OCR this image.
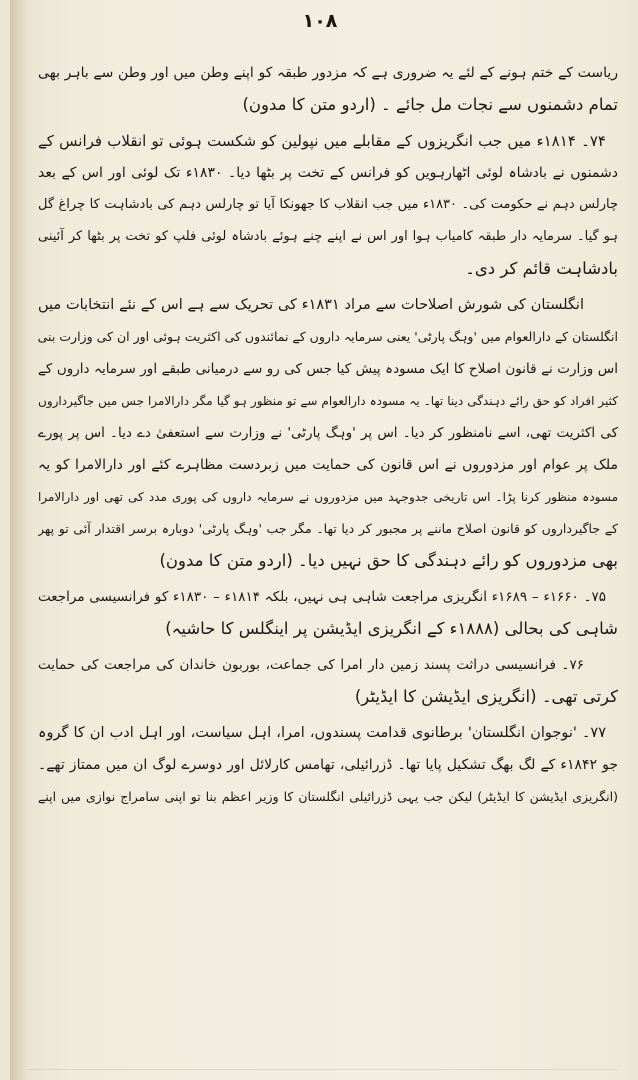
۱۰۸
ریاست کے ختم ہونے کے لئے یہ ضروری ہے کہ مزدور طبقہ کو اپنے وطن میں اور وطن سے باہر بھی
تمام دشمنوں سے نجات مل جائے ۔ (اردو متن کا مدون)
۷۴۔ ۱۸۱۴ء میں جب انگریزوں کے مقابلے میں نپولین کو شکست ہوئی تو انقلاب فرانس کے
دشمنوں نے بادشاہ لوئی اٹھارہویں کو فرانس کے تخت پر بٹھا دیا۔ ۱۸۳۰ء تک لوئی اور اس کے بعد
چارلس دہم نے حکومت کی۔ ۱۸۳۰ء میں جب انقلاب کا جھونکا آیا تو چارلس دہم کی بادشاہت کا چراغ گل
ہو گیا۔ سرمایہ دار طبقہ کامیاب ہوا اور اس نے اپنے چنے ہوئے بادشاہ لوئی فلپ کو تخت پر بٹھا کر آئینی
بادشاہت قائم کر دی۔
انگلستان کی شورش اصلاحات سے مراد ۱۸۳۱ء کی تحریک سے ہے اس کے نئے انتخابات میں
انگلستان کے دارالعوام میں 'وہگ پارٹی' یعنی سرمایہ داروں کے نمائندوں کی اکثریت ہوئی اور ان کی وزارت بنی
اس وزارت نے قانون اصلاح کا ایک مسودہ پیش کیا جس کی رو سے درمیانی طبقے اور سرمایہ داروں کے
کثیر افراد کو حق رائے دہندگی دینا تھا۔ یہ مسودہ دارالعوام سے تو منظور ہو گیا مگر دارالامرا جس میں جاگیرداروں
کی اکثریت تھی، اسے نامنظور کر دیا۔ اس پر 'وہگ پارٹی' نے وزارت سے استعفیٰ دے دیا۔ اس پر پورے
ملک پر عوام اور مزدوروں نے اس قانون کی حمایت میں زبردست مظاہرے کئے اور دارالامرا کو یہ
مسودہ منظور کرنا پڑا۔ اس تاریخی جدوجہد میں مزدوروں نے سرمایہ داروں کی پوری مدد کی تھی اور دارالامرا
کے جاگیرداروں کو قانون اصلاح ماننے پر مجبور کر دیا تھا۔ مگر جب 'وہگ پارٹی' دوبارہ برسر اقتدار آئی تو پھر
بھی مزدوروں کو رائے دہندگی کا حق نہیں دیا۔ (اردو متن کا مدون)
۷۵۔ ۱۶۶۰ء – ۱۶۸۹ء انگریزی مراجعت شاہی ہی نہیں، بلکہ ۱۸۱۴ء – ۱۸۳۰ء کو فرانسیسی مراجعت
شاہی کی بحالی (۱۸۸۸ء کے انگریزی ایڈیشن پر اینگلس کا حاشیہ)
۷۶۔ فرانسیسی دراثت پسند زمین دار امرا کی جماعت، بوربون خاندان کی مراجعت کی حمایت
کرتی تھی۔ (انگریزی ایڈیشن کا ایڈیٹر)
۷۷۔ 'نوجوان انگلستان' برطانوی قدامت پسندوں، امرا، اہل سیاست، اور اہل ادب ان کا گروہ
جو ۱۸۴۲ء کے لگ بھگ تشکیل پایا تھا۔ ڈزرائیلی، تھامس کارلائل اور دوسرے لوگ ان میں ممتاز تھے۔
(انگریزی ایڈیشن کا ایڈیٹر) لیکن جب یہی ڈزرائیلی انگلستان کا وزیر اعظم بنا تو اپنی سامراج نوازی میں اپنے
